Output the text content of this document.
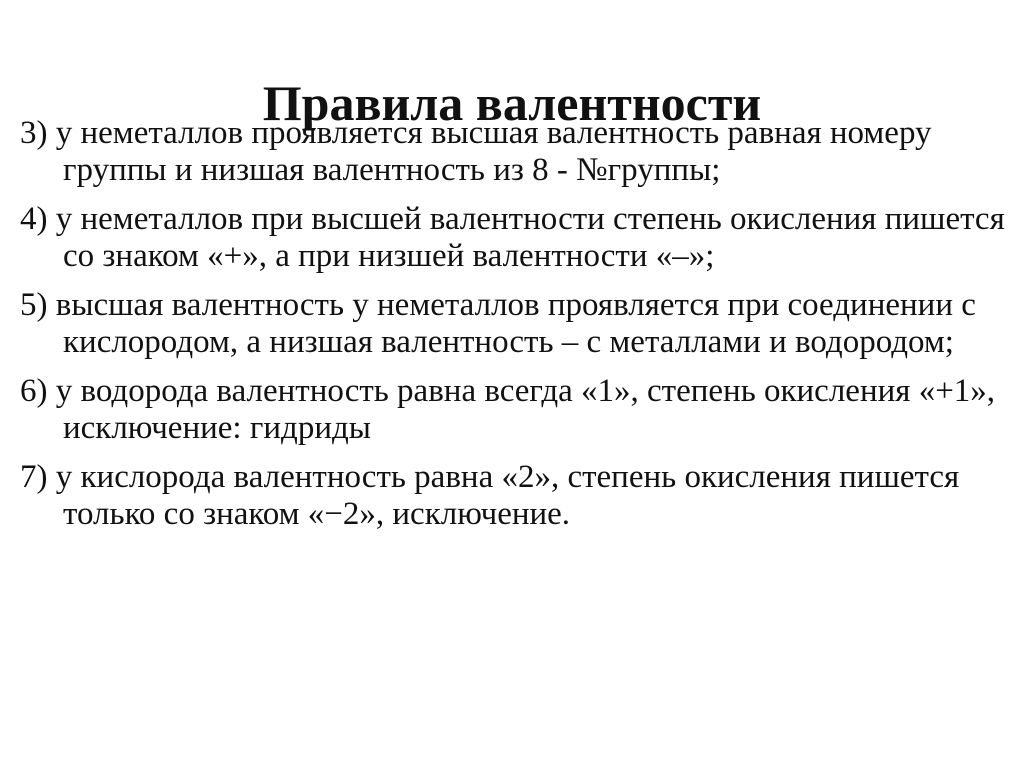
Правила валентности
3) у неметаллов проявляется высшая валентность равная номеру группы и низшая валентность из 8 - №группы;
4) у неметаллов при высшей валентности степень окисления пишется со знаком «+», а при низшей валентности «–»;
5) высшая валентность у неметаллов проявляется при соединении с кислородом, а низшая валентность – с металлами и водородом;
6) у водорода валентность равна всегда «1», степень окисления «+1», исключение: гидриды
7) у кислорода валентность равна «2», степень окисления пишется только со знаком «−2», исключение.
